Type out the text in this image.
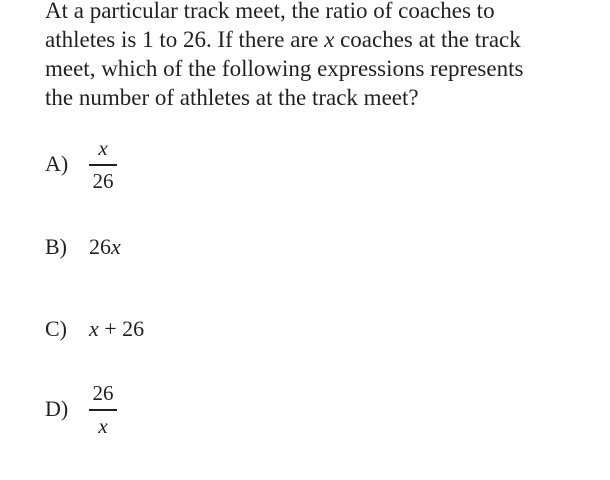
At a particular track meet, the ratio of coaches to
athletes is 1 to 26. If there are x coaches at the track
meet, which of the following expressions represents
the number of athletes at the track meet?
$A) \frac{x}{26}$
B)	26x
C)	x + 26
$D) \frac{26}{x}$
